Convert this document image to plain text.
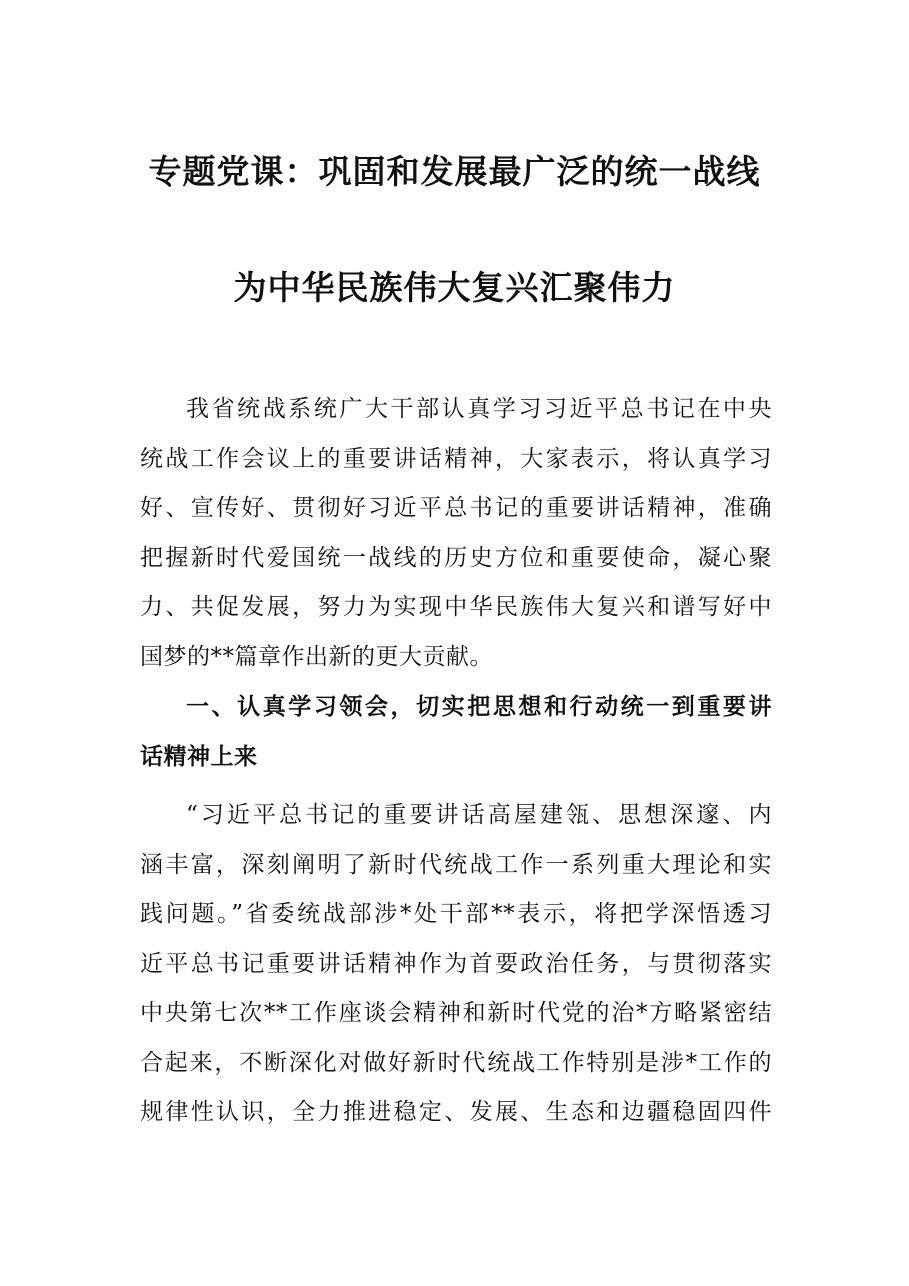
专题党课：巩固和发展最广泛的统一战线
为中华民族伟大复兴汇聚伟力
我省统战系统广大干部认真学习习近平总书记在中央
统战工作会议上的重要讲话精神，大家表示，将认真学习
好、宣传好、贯彻好习近平总书记的重要讲话精神，准确
把握新时代爱国统一战线的历史方位和重要使命，凝心聚
力、共促发展，努力为实现中华民族伟大复兴和谱写好中
国梦的**篇章作出新的更大贡献。
一、认真学习领会，切实把思想和行动统一到重要讲
话精神上来
“习近平总书记的重要讲话高屋建瓴、思想深邃、内
涵丰富，深刻阐明了新时代统战工作一系列重大理论和实
践问题。”省委统战部涉*处干部**表示，将把学深悟透习
近平总书记重要讲话精神作为首要政治任务，与贯彻落实
中央第七次**工作座谈会精神和新时代党的治*方略紧密结
合起来，不断深化对做好新时代统战工作特别是涉*工作的
规律性认识，全力推进稳定、发展、生态和边疆稳固四件
